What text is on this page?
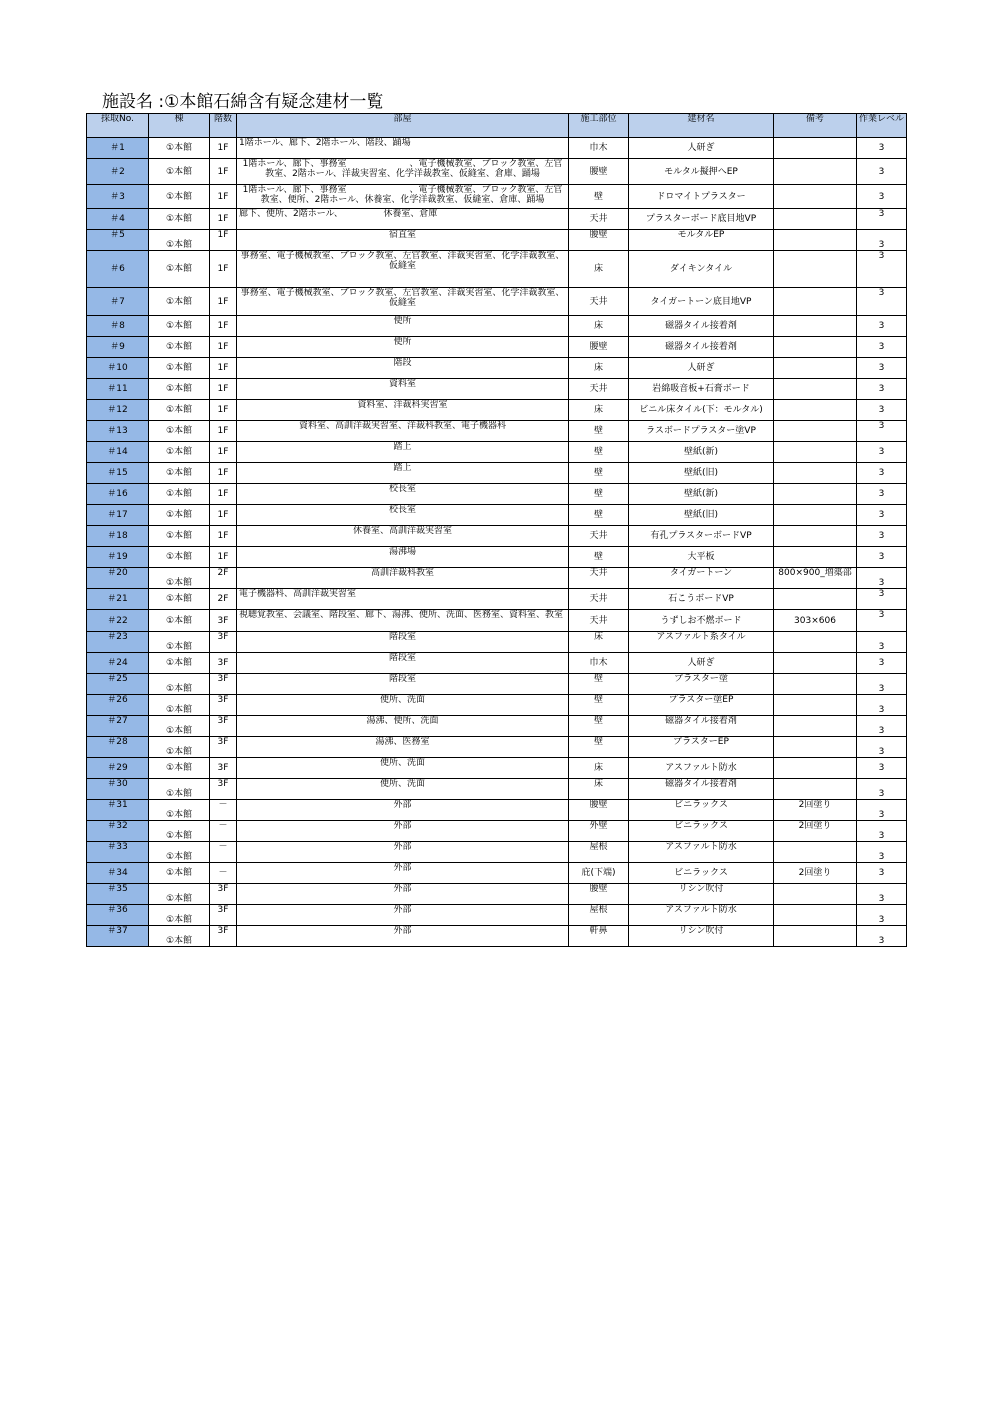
施設名 :①本館石綿含有疑念建材一覧
採取No.	棟	階数	部屋	施工部位	建材名	備考	作業レベル
＃1	①本館	1F	1階ホール、廊下、2階ホール、階段、踊場	巾木	人研ぎ		3
＃2	①本館	1F	1階ホール、廊下、事務室　　　　　　　、電子機械教室、ブロック教室、左官教室、2階ホール、洋裁実習室、化学洋裁教室、仮縫室、倉庫、踊場	腰壁	モルタル擬押へEP		3
＃3	①本館	1F	1階ホール、廊下、事務室　　　　　　　、電子機械教室、ブロック教室、左官教室、便所、2階ホール、休養室、化学洋裁教室、仮縫室、倉庫、踊場	壁	ドロマイトプラスター		3
＃4	①本館	1F	廊下、便所、2階ホール、　　　　　休養室、倉庫	天井	プラスターボード底目地VP		3
＃5	①本館	1F	宿直室	腰壁	モルタルEP		3
＃6	①本館	1F	事務室、電子機械教室、ブロック教室、左官教室、洋裁実習室、化学洋裁教室、仮縫室	床	ダイキンタイル		3
＃7	①本館	1F	事務室、電子機械教室、ブロック教室、左官教室、洋裁実習室、化学洋裁教室、仮縫室	天井	タイガートーン底目地VP		3
＃8	①本館	1F	便所	床	磁器タイル接着剤		3
＃9	①本館	1F	便所	腰壁	磁器タイル接着剤		3
＃10	①本館	1F	階段	床	人研ぎ		3
＃11	①本館	1F	資料室	天井	岩綿吸音板+石膏ボード		3
＃12	①本館	1F	資料室、洋裁科実習室	床	ビニル床タイル(下：モルタル)		3
＃13	①本館	1F	資料室、高訓洋裁実習室、洋裁科教室、電子機器科	壁	ラスボードプラスター塗VP		3
＃14	①本館	1F	踏上	壁	壁紙(新)		3
＃15	①本館	1F	踏上	壁	壁紙(旧)		3
＃16	①本館	1F	校長室	壁	壁紙(新)		3
＃17	①本館	1F	校長室	壁	壁紙(旧)		3
＃18	①本館	1F	休養室、高訓洋裁実習室	天井	有孔プラスターボードVP		3
＃19	①本館	1F	湯沸場	壁	大平板		3
＃20	①本館	2F	高訓洋裁科教室	天井	タイガートーン	800×900_増築部	3
＃21	①本館	2F	電子機器科、高訓洋裁実習室	天井	石こうボードVP		3
＃22	①本館	3F	視聴覚教室、会議室、階段室、廊下、湯沸、便所、洗面、医務室、資料室、教室	天井	うずしお不燃ボード	303×606	3
＃23	①本館	3F	階段室	床	アスファルト系タイル		3
＃24	①本館	3F	階段室	巾木	人研ぎ		3
＃25	①本館	3F	階段室	壁	プラスター塗		3
＃26	①本館	3F	便所、洗面	壁	プラスター塗EP		3
＃27	①本館	3F	湯沸、便所、洗面	壁	磁器タイル接着剤		3
＃28	①本館	3F	湯沸、医務室	壁	プラスターEP		3
＃29	①本館	3F	便所、洗面	床	アスファルト防水		3
＃30	①本館	3F	便所、洗面	床	磁器タイル接着剤		3
＃31	①本館	－	外部	腰壁	ビニラックス	2回塗り	3
＃32	①本館	－	外部	外壁	ビニラックス	2回塗り	3
＃33	①本館	－	外部	屋根	アスファルト防水		3
＃34	①本館	－	外部	庇(下端)	ビニラックス	2回塗り	3
＃35	①本館	3F	外部	腰壁	リシン吹付		3
＃36	①本館	3F	外部	屋根	アスファルト防水		3
＃37	①本館	3F	外部	軒鼻	リシン吹付		3
